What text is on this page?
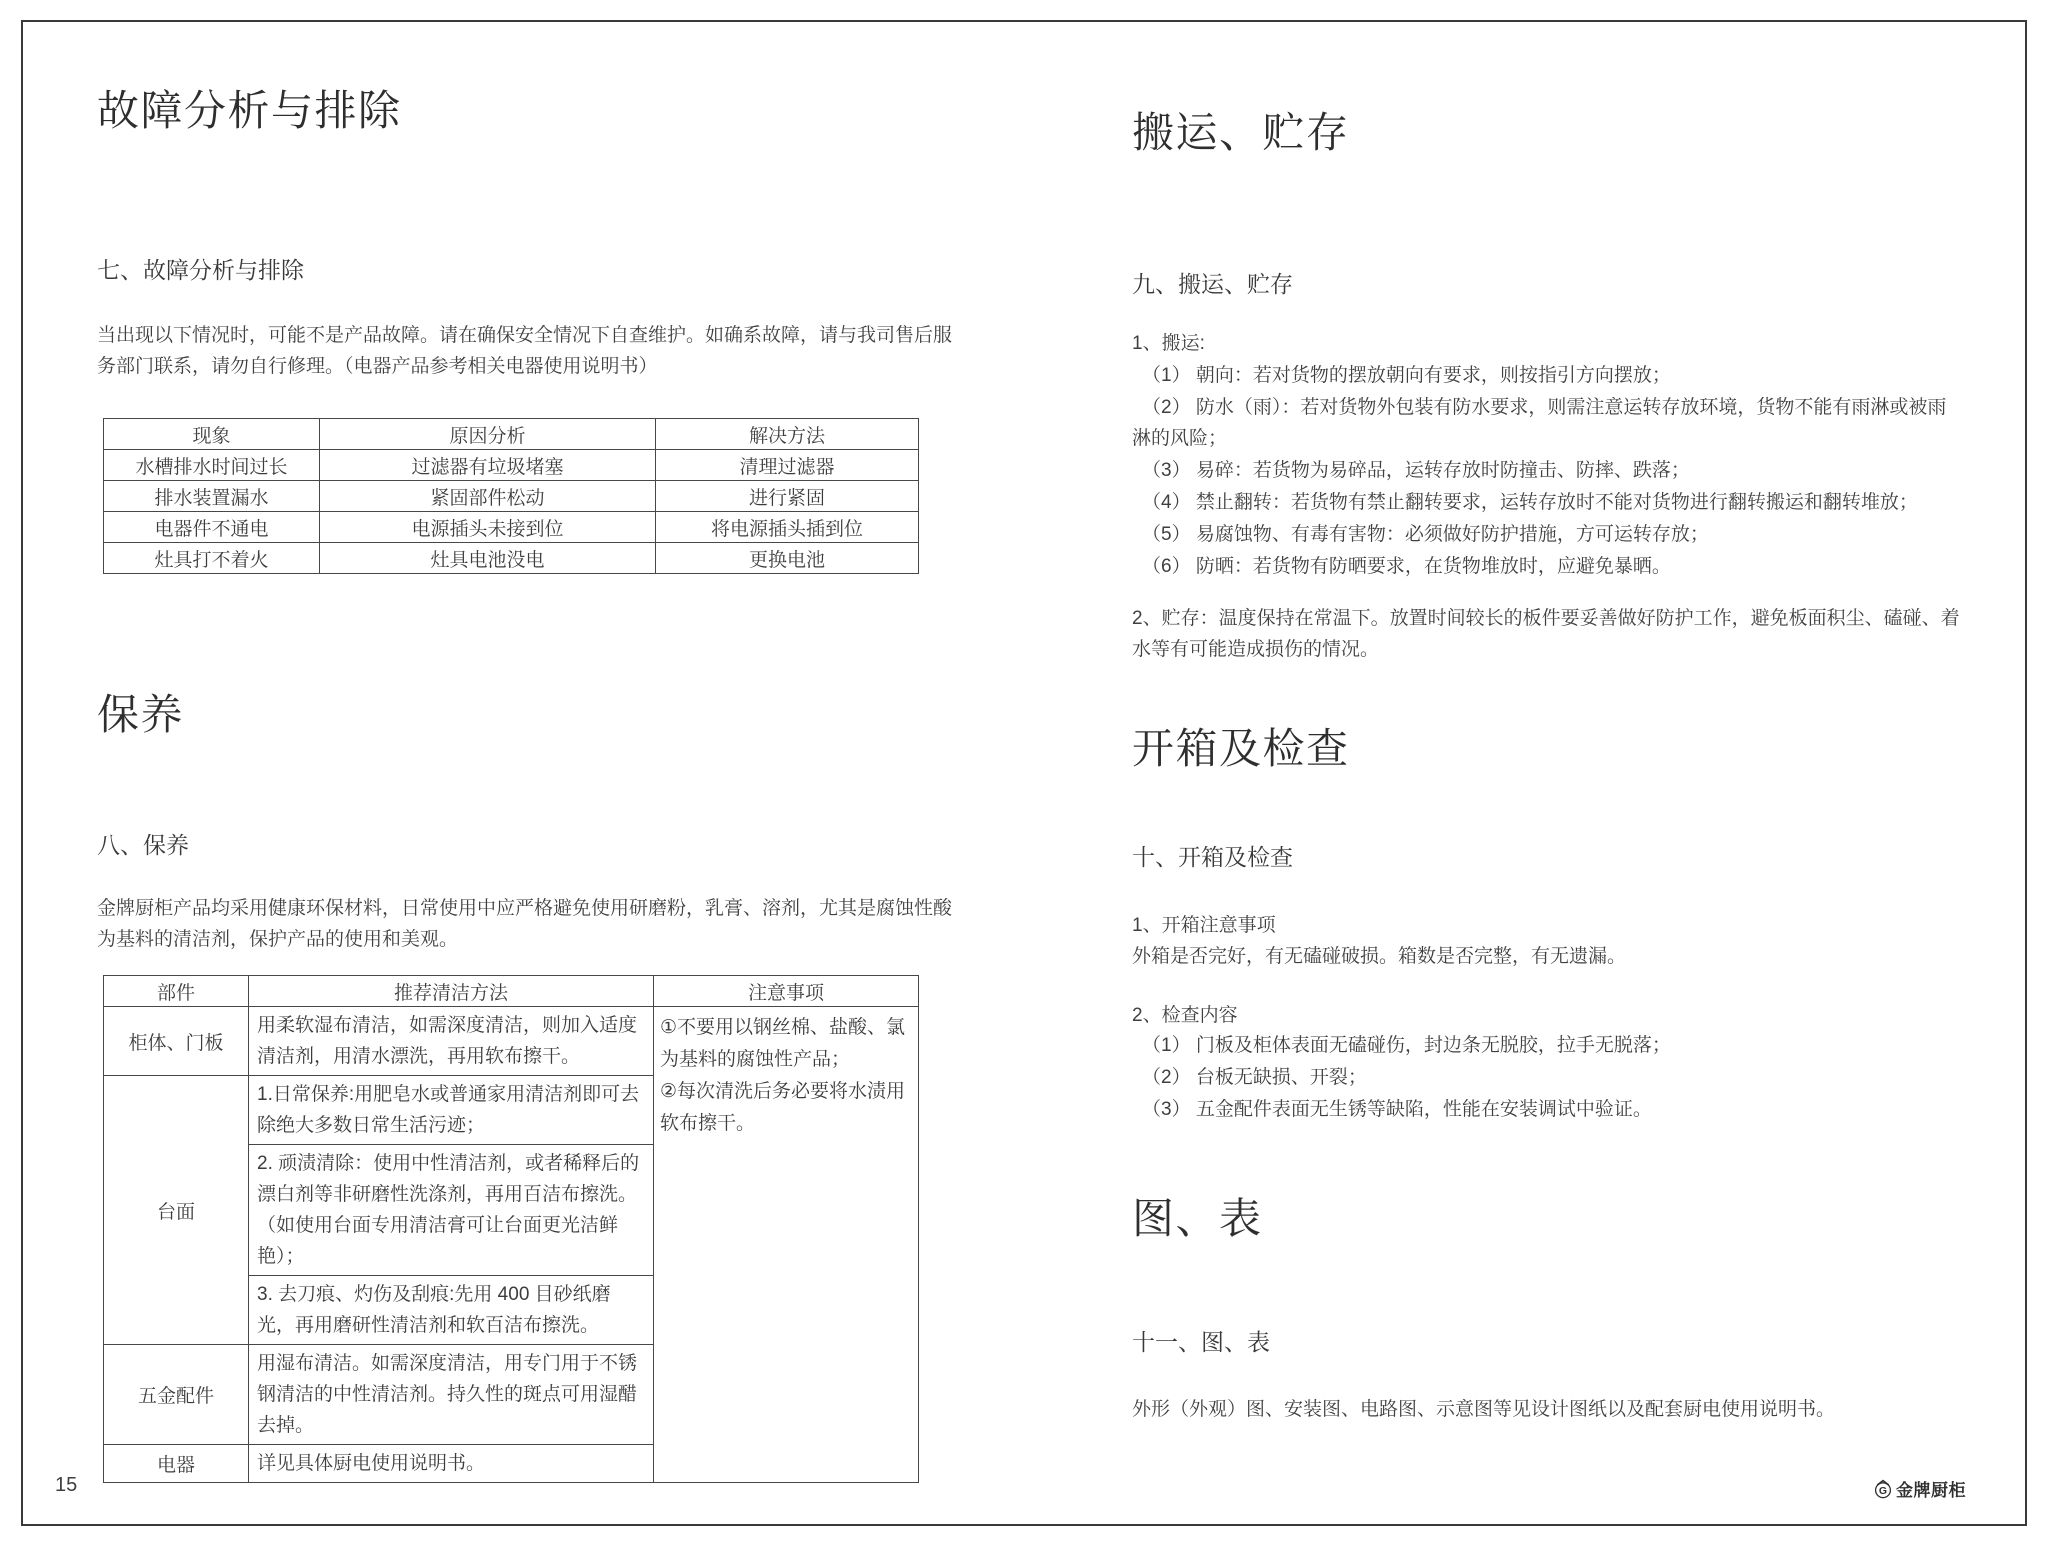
故障分析与排除
七、故障分析与排除

当出现以下情况时，可能不是产品故障。请在确保安全情况下自查维护。如确系故障，请与我司售后服务部门联系，请勿自行修理。（电器产品参考相关电器使用说明书）

现象	原因分析	解决方法
水槽排水时间过长	过滤器有垃圾堵塞	清理过滤器
排水装置漏水	紧固部件松动	进行紧固
电器件不通电	电源插头未接到位	将电源插头插到位
灶具打不着火	灶具电池没电	更换电池
保养
八、保养

金牌厨柜产品均采用健康环保材料，日常使用中应严格避免使用研磨粉，乳膏、溶剂，尤其是腐蚀性酸为基料的清洁剂，保护产品的使用和美观。

部件	推荐清洁方法	注意事项
柜体、门板	用柔软湿布清洁，如需深度清洁，则加入适度清洁剂，用清水漂洗，再用软布擦干。	①不要用以钢丝棉、盐酸、氯为基料的腐蚀性产品；
②每次清洗后务必要将水渍用软布擦干。

台面	1.日常保养:用肥皂水或普通家用清洁剂即可去除绝大多数日常生活污迹；	
	2. 顽渍清除：使用中性清洁剂，或者稀释后的漂白剂等非研磨性洗涤剂，再用百洁布擦洗。（如使用台面专用清洁膏可让台面更光洁鲜艳）；	
	3. 去刀痕、灼伤及刮痕:先用 400 目砂纸磨光，再用磨研性清洁剂和软百洁布擦洗。	
五金配件	用湿布清洁。如需深度清洁，用专门用于不锈钢清洁的中性清洁剂。持久性的斑点可用湿醋去掉。	
电器	详见具体厨电使用说明书。	
搬运、贮存
九、搬运、贮存

1、搬运:

（1） 朝向：若对货物的摆放朝向有要求，则按指引方向摆放；

（2） 防水（雨）：若对货物外包装有防水要求，则需注意运转存放环境，货物不能有雨淋或被雨淋的风险；

（3） 易碎：若货物为易碎品，运转存放时防撞击、防摔、跌落；

（4） 禁止翻转：若货物有禁止翻转要求，运转存放时不能对货物进行翻转搬运和翻转堆放；

（5） 易腐蚀物、有毒有害物：必须做好防护措施，方可运转存放；

（6） 防晒：若货物有防晒要求，在货物堆放时，应避免暴晒。

2、贮存：温度保持在常温下。放置时间较长的板件要妥善做好防护工作，避免板面积尘、磕碰、着水等有可能造成损伤的情况。

开箱及检查
十、开箱及检查

1、开箱注意事项

外箱是否完好，有无磕碰破损。箱数是否完整，有无遗漏。

2、检查内容

（1） 门板及柜体表面无磕碰伤，封边条无脱胶，拉手无脱落；

（2） 台板无缺损、开裂；

（3） 五金配件表面无生锈等缺陷，性能在安装调试中验证。

图、表
十一、图、表

外形（外观）图、安装图、电路图、示意图等见设计图纸以及配套厨电使用说明书。

15	G 金牌厨柜
